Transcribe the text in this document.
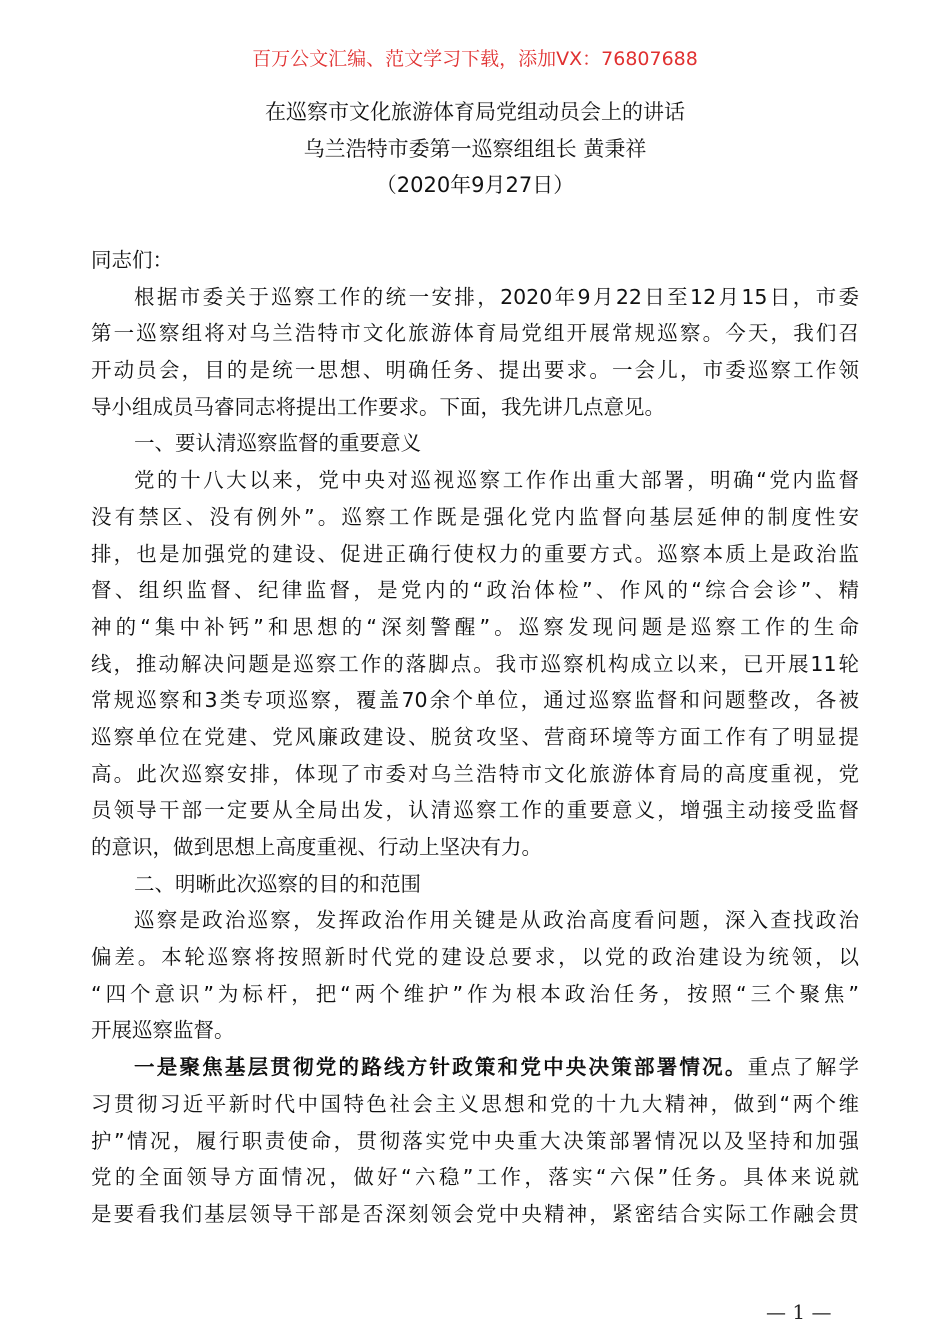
百万公文汇编、范文学习下载，添加VX：76807688
在巡察市文化旅游体育局党组动员会上的讲话
乌兰浩特市委第一巡察组组长 黄秉祥
（2020年9月27日）
同志们：
根据市委关于巡察工作的统一安排，2020年9月22日至12月15日，市委
第一巡察组将对乌兰浩特市文化旅游体育局党组开展常规巡察。今天，我们召
开动员会，目的是统一思想、明确任务、提出要求。一会儿，市委巡察工作领
导小组成员马睿同志将提出工作要求。下面，我先讲几点意见。
一、要认清巡察监督的重要意义
党的十八大以来，党中央对巡视巡察工作作出重大部署，明确“党内监督
没有禁区、没有例外”。巡察工作既是强化党内监督向基层延伸的制度性安
排，也是加强党的建设、促进正确行使权力的重要方式。巡察本质上是政治监
督、组织监督、纪律监督，是党内的“政治体检”、作风的“综合会诊”、精
神的“集中补钙”和思想的“深刻警醒”。巡察发现问题是巡察工作的生命
线，推动解决问题是巡察工作的落脚点。我市巡察机构成立以来，已开展11轮
常规巡察和3类专项巡察，覆盖70余个单位，通过巡察监督和问题整改，各被
巡察单位在党建、党风廉政建设、脱贫攻坚、营商环境等方面工作有了明显提
高。此次巡察安排，体现了市委对乌兰浩特市文化旅游体育局的高度重视，党
员领导干部一定要从全局出发，认清巡察工作的重要意义，增强主动接受监督
的意识，做到思想上高度重视、行动上坚决有力。
二、明晰此次巡察的目的和范围
巡察是政治巡察，发挥政治作用关键是从政治高度看问题，深入查找政治
偏差。本轮巡察将按照新时代党的建设总要求，以党的政治建设为统领，以
“四个意识”为标杆，把“两个维护”作为根本政治任务，按照“三个聚焦”
开展巡察监督。
一是聚焦基层贯彻党的路线方针政策和党中央决策部署情况。重点了解学
习贯彻习近平新时代中国特色社会主义思想和党的十九大精神，做到“两个维
护”情况，履行职责使命，贯彻落实党中央重大决策部署情况以及坚持和加强
党的全面领导方面情况，做好“六稳”工作，落实“六保”任务。具体来说就
是要看我们基层领导干部是否深刻领会党中央精神，紧密结合实际工作融会贯
— 1 —
